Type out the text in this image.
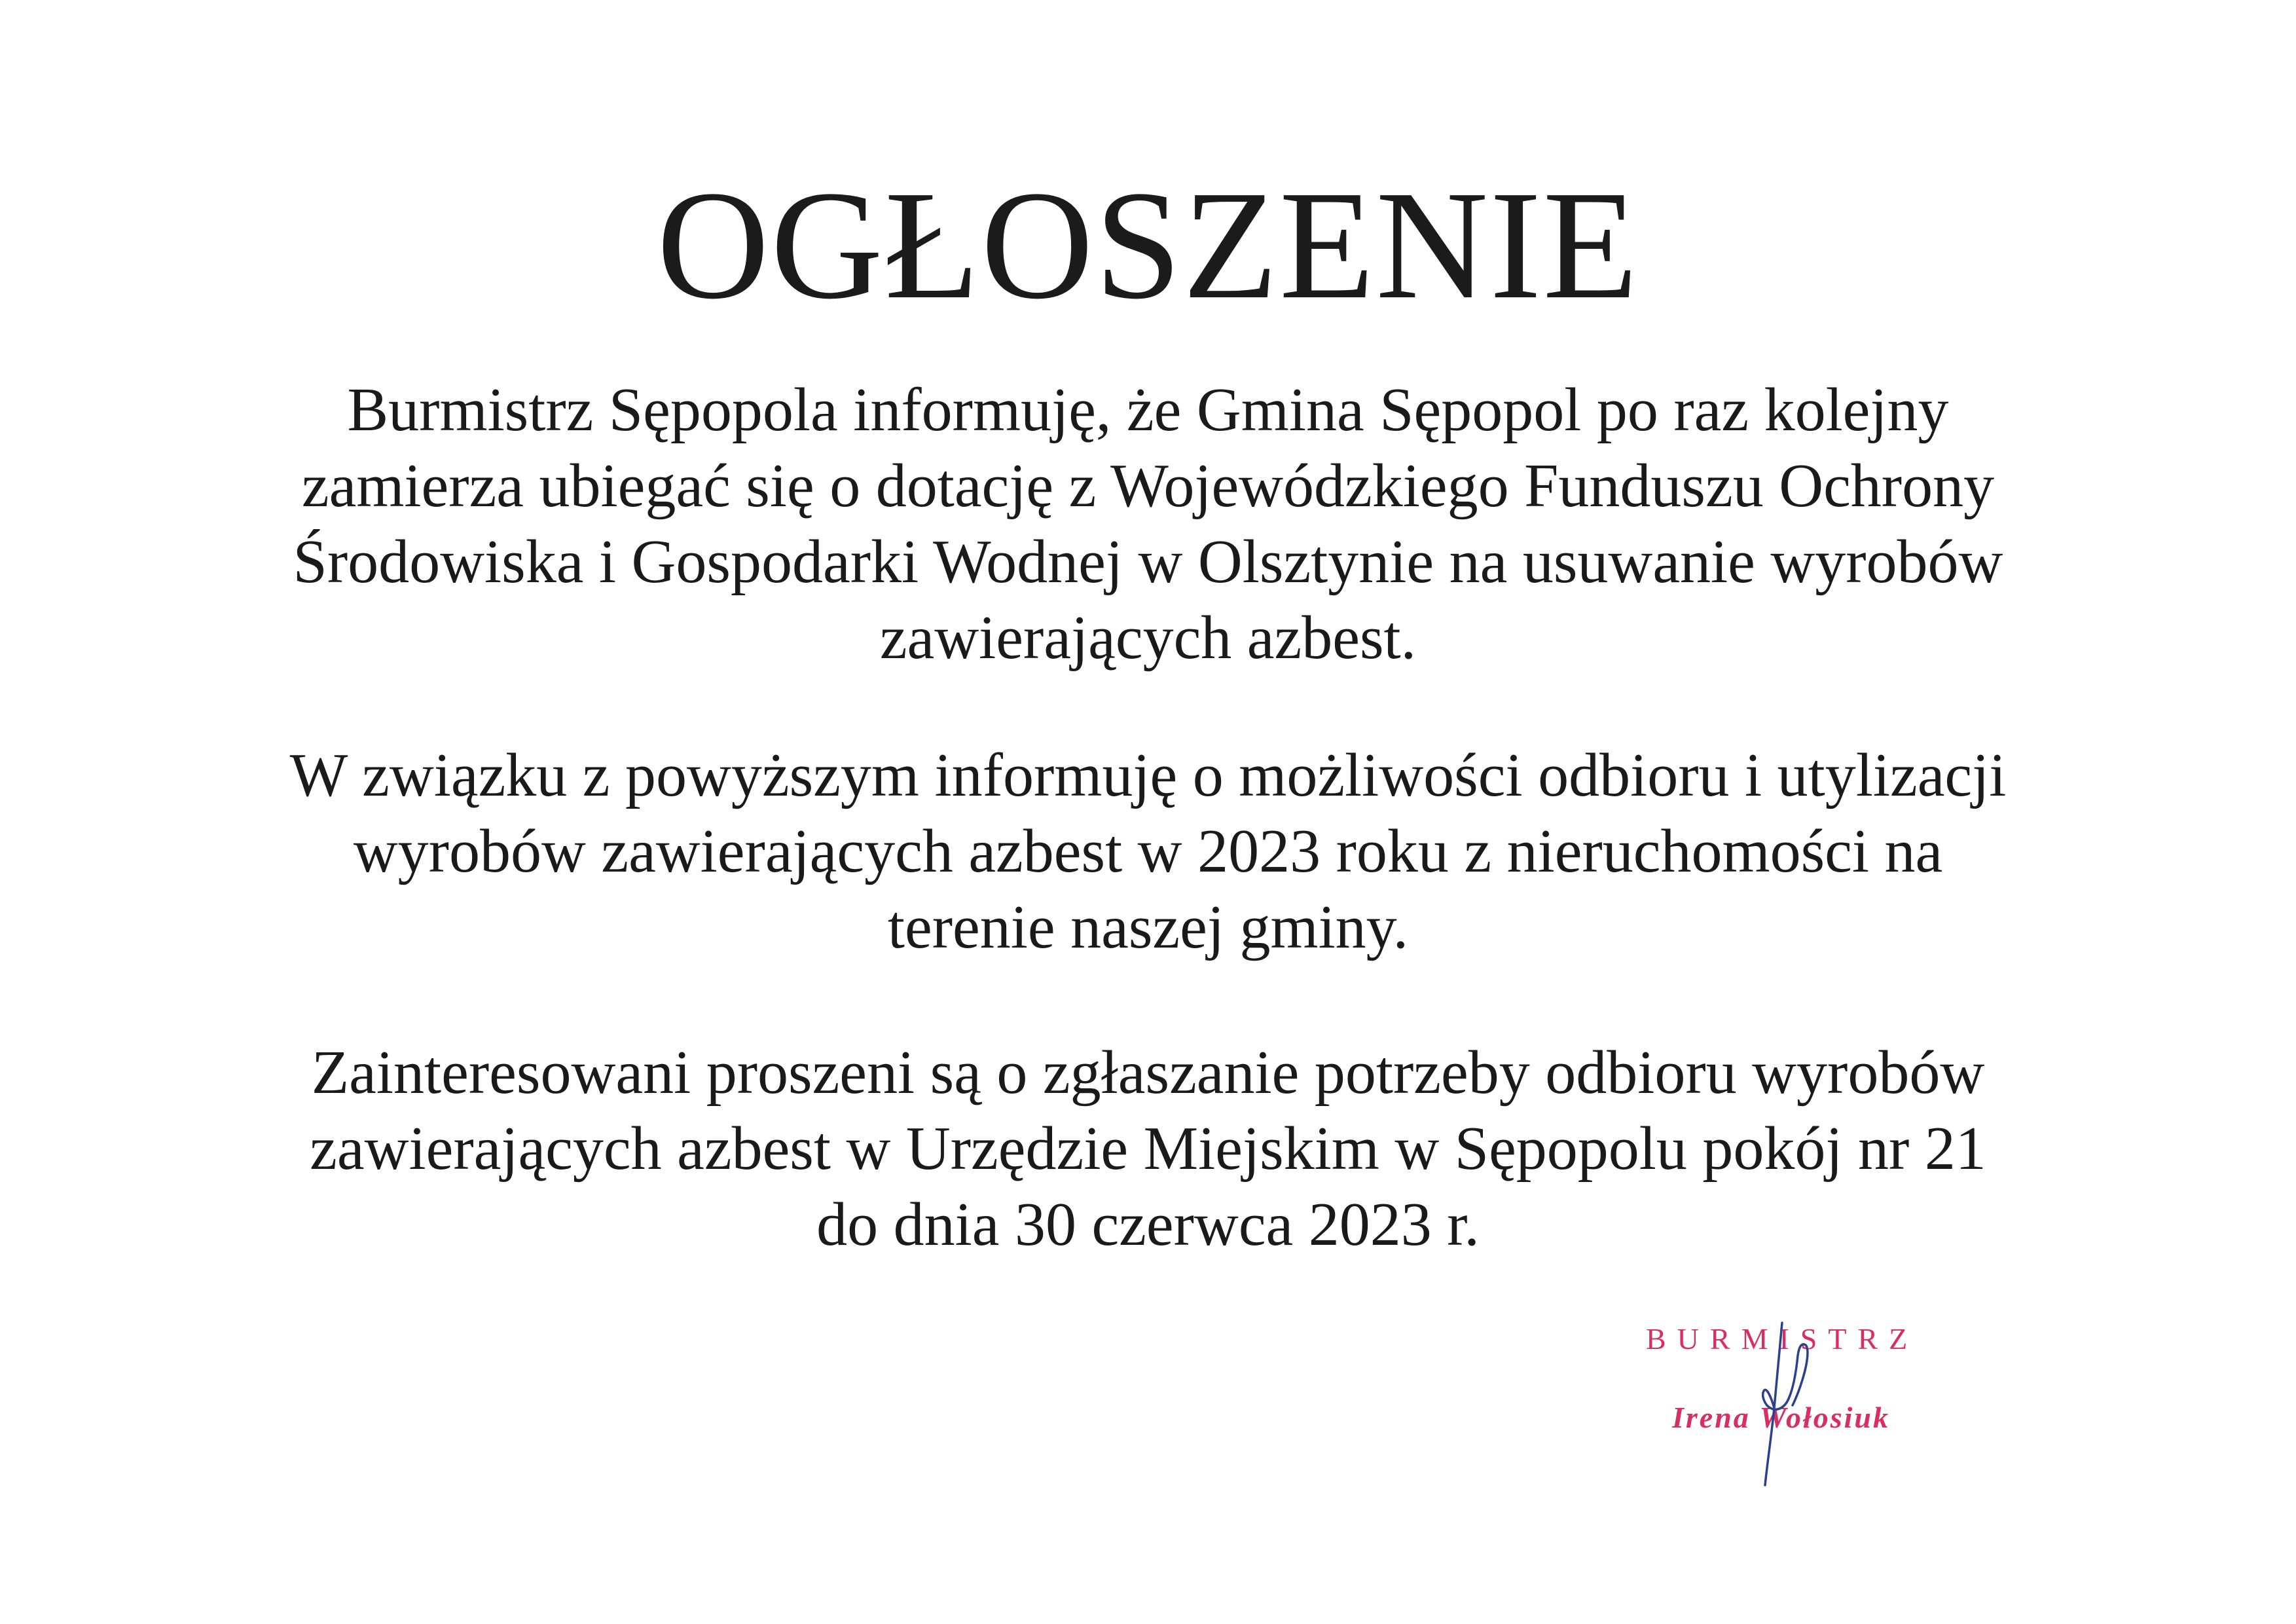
OGŁOSZENIE
Burmistrz Sępopola informuję, że Gmina Sępopol po raz kolejny
zamierza ubiegać się o dotację z Wojewódzkiego Funduszu Ochrony
Środowiska i Gospodarki Wodnej w Olsztynie na usuwanie wyrobów
zawierających azbest.
W związku z powyższym informuję o możliwości odbioru i utylizacji
wyrobów zawierających azbest w 2023 roku z nieruchomości na
terenie naszej gminy.
Zainteresowani proszeni są o zgłaszanie potrzeby odbioru wyrobów
zawierających azbest w Urzędzie Miejskim w Sępopolu pokój nr 21
do dnia 30 czerwca 2023 r.
BURMISTRZ
Irena Wołosiuk
